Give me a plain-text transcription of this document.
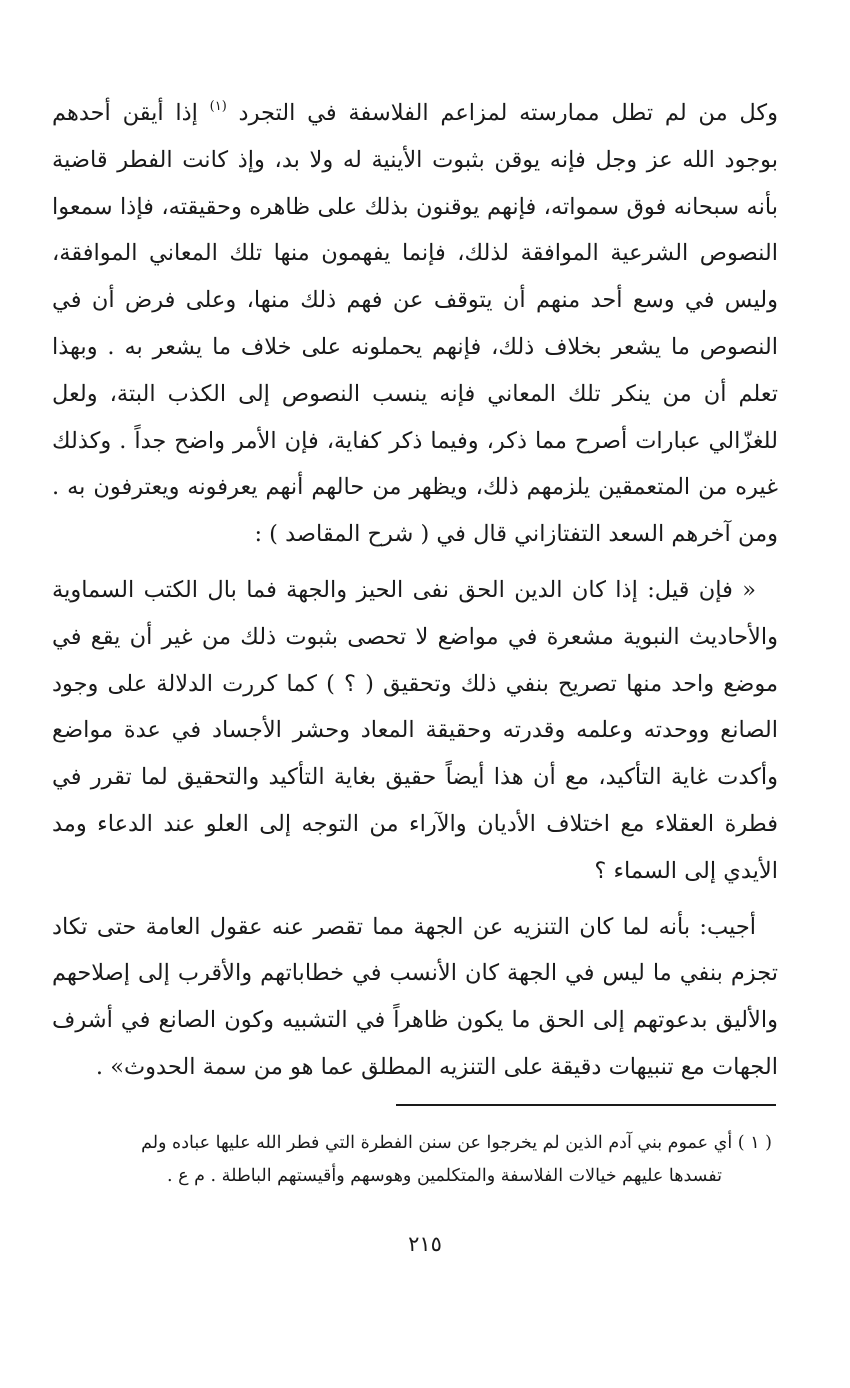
وكل من لم تطل ممارسته لمزاعم الفلاسفة في التجرد $^{(١)}$ إذا أيقن أحدهم بوجود الله عز وجل فإنه يوقن بثبوت الأينية له ولا بد، وإذ كانت الفطر قاضية بأنه سبحانه فوق سمواته، فإنهم يوقنون بذلك على ظاهره وحقيقته، فإذا سمعوا النصوص الشرعية الموافقة لذلك، فإنما يفهمون منها تلك المعاني الموافقة، وليس في وسع أحد منهم أن يتوقف عن فهم ذلك منها، وعلى فرض أن في النصوص ما يشعر بخلاف ذلك، فإنهم يحملونه على خلاف ما يشعر به . وبهذا تعلم أن من ينكر تلك المعاني فإنه ينسب النصوص إلى الكذب البتة، ولعل للغزّالي عبارات أصرح مما ذكر، وفيما ذكر كفاية، فإن الأمر واضح جداً . وكذلك غيره من المتعمقين يلزمهم ذلك، ويظهر من حالهم أنهم يعرفونه ويعترفون به . ومن آخرهم السعد التفتازاني قال في ( شرح المقاصد ) :

« فإن قيل: إذا كان الدين الحق نفى الحيز والجهة فما بال الكتب السماوية والأحاديث النبوية مشعرة في مواضع لا تحصى بثبوت ذلك من غير أن يقع في موضع واحد منها تصريح بنفي ذلك وتحقيق ( ؟ ) كما كررت الدلالة على وجود الصانع ووحدته وعلمه وقدرته وحقيقة المعاد وحشر الأجساد في عدة مواضع وأكدت غاية التأكيد، مع أن هذا أيضاً حقيق بغاية التأكيد والتحقيق لما تقرر في فطرة العقلاء مع اختلاف الأديان والآراء من التوجه إلى العلو عند الدعاء ومد الأيدي إلى السماء ؟

أجيب: بأنه لما كان التنزيه عن الجهة مما تقصر عنه عقول العامة حتى تكاد تجزم بنفي ما ليس في الجهة كان الأنسب في خطاباتهم والأقرب إلى إصلاحهم والأليق بدعوتهم إلى الحق ما يكون ظاهراً في التشبيه وكون الصانع في أشرف الجهات مع تنبيهات دقيقة على التنزيه المطلق عما هو من سمة الحدوث» .

( ١ ) أي عموم بني آدم الذين لم يخرجوا عن سنن الفطرة التي فطر الله عليها عباده ولم
تفسدها عليهم خيالات الفلاسفة والمتكلمين وهوسهم وأقيستهم الباطلة . م ع .
٢١٥
